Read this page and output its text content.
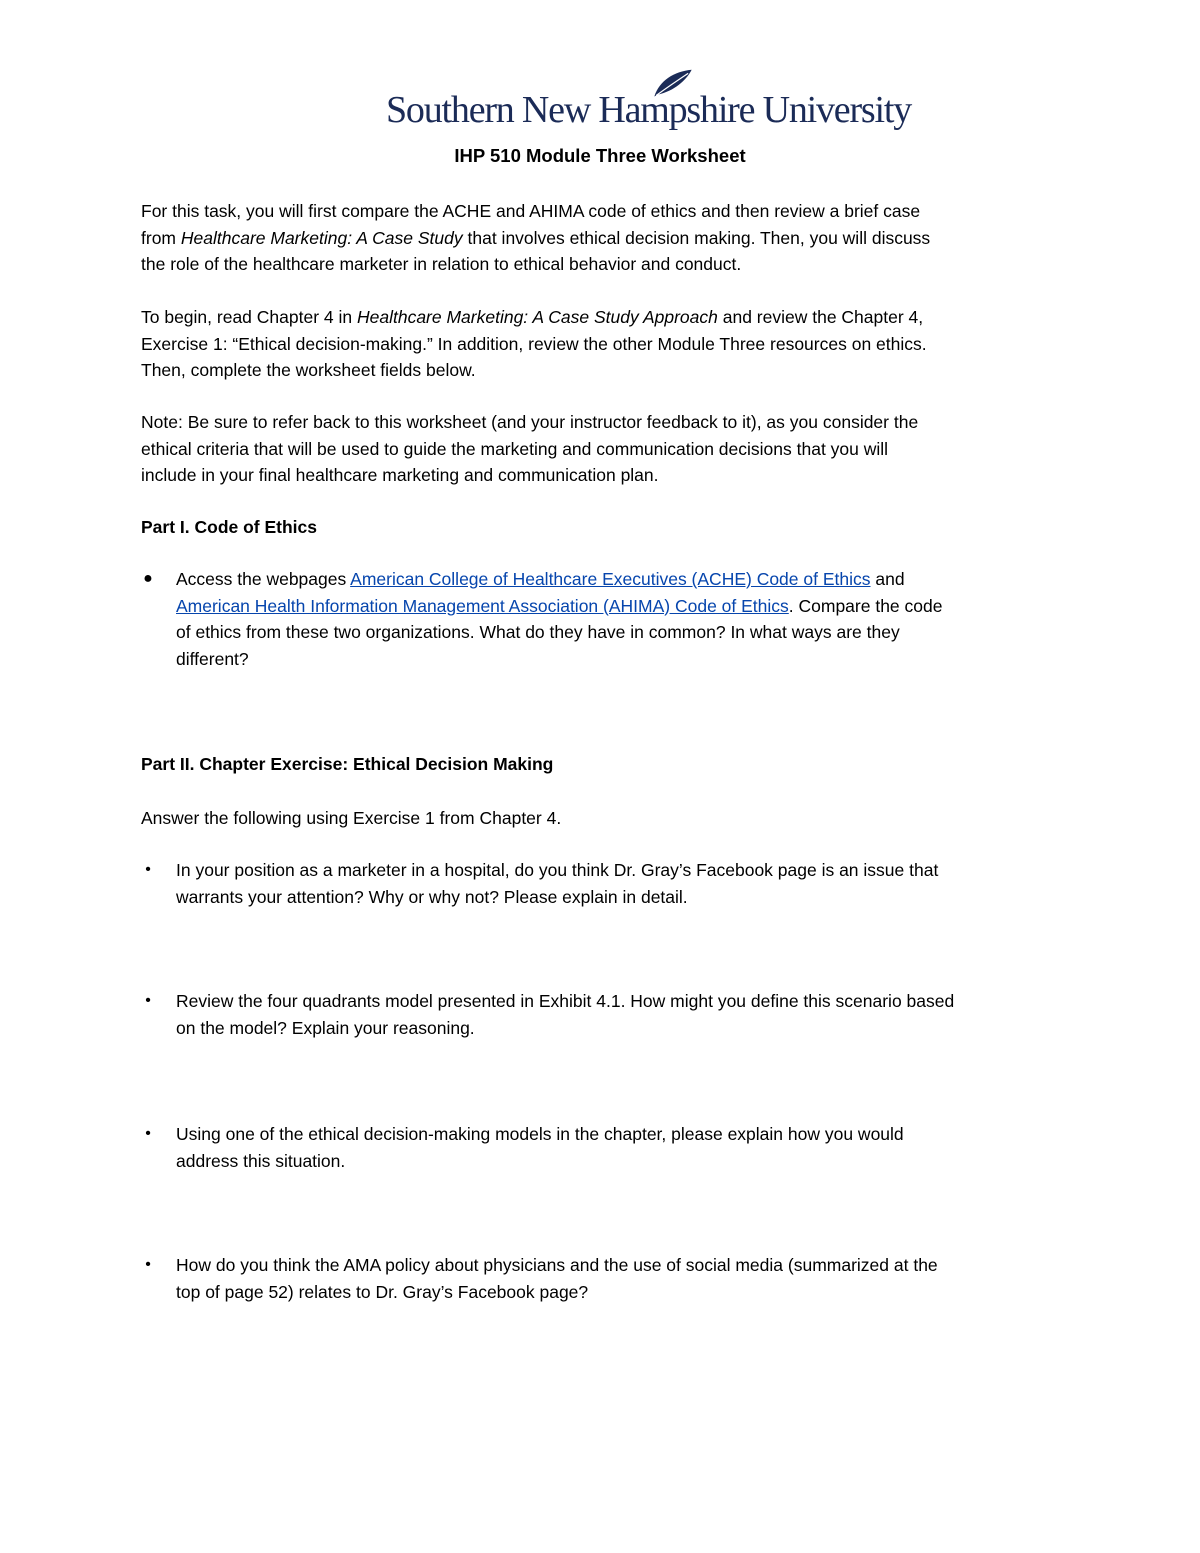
Southern New Hampshire University
IHP 510 Module Three Worksheet

For this task, you will first compare the ACHE and AHIMA code of ethics and then review a brief case

from Healthcare Marketing: A Case Study that involves ethical decision making. Then, you will discuss

the role of the healthcare marketer in relation to ethical behavior and conduct.

To begin, read Chapter 4 in Healthcare Marketing: A Case Study Approach and review the Chapter 4,

Exercise 1: “Ethical decision-making.” In addition, review the other Module Three resources on ethics.

Then, complete the worksheet fields below.

Note: Be sure to refer back to this worksheet (and your instructor feedback to it), as you consider the

ethical criteria that will be used to guide the marketing and communication decisions that you will

include in your final healthcare marketing and communication plan.

Part I. Code of Ethics
● Access the webpages American College of Healthcare Executives (ACHE) Code of Ethics and

American Health Information Management Association (AHIMA) Code of Ethics. Compare the code

of ethics from these two organizations. What do they have in common? In what ways are they

different?

Part II. Chapter Exercise: Ethical Decision Making
Answer the following using Exercise 1 from Chapter 4.
• In your position as a marketer in a hospital, do you think Dr. Gray’s Facebook page is an issue that

warrants your attention? Why or why not? Please explain in detail.

• Review the four quadrants model presented in Exhibit 4.1. How might you define this scenario based

on the model? Explain your reasoning.

• Using one of the ethical decision-making models in the chapter, please explain how you would

address this situation.

• How do you think the AMA policy about physicians and the use of social media (summarized at the

top of page 52) relates to Dr. Gray’s Facebook page?
